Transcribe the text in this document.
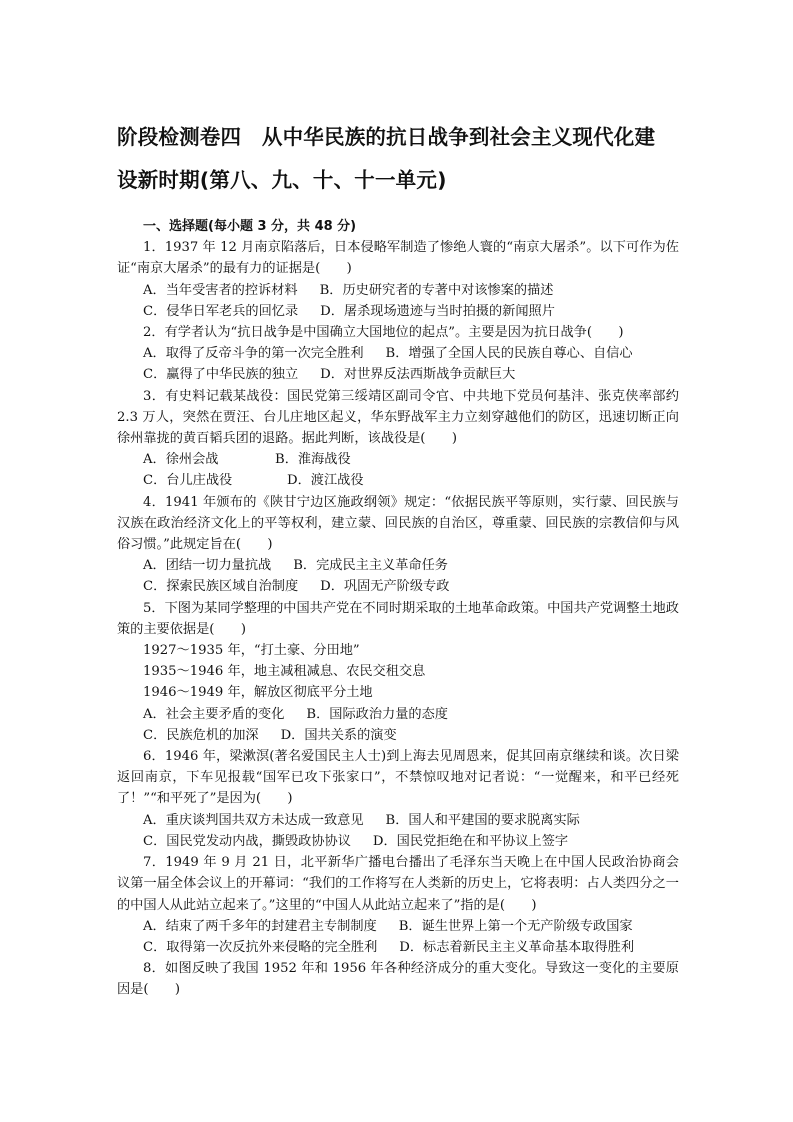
阶段检测卷四　从中华民族的抗日战争到社会主义现代化建
设新时期(第八、九、十、十一单元)

一、选择题(每小题 3 分，共 48 分)

1．1937 年 12 月南京陷落后，日本侵略军制造了惨绝人寰的“南京大屠杀”。以下可作为佐证“南京大屠杀”的最有力的证据是(　　)

A．当年受害者的控诉材料 B．历史研究者的专著中对该惨案的描述

C．侵华日军老兵的回忆录 D．屠杀现场遗迹与当时拍摄的新闻照片

2．有学者认为“抗日战争是中国确立大国地位的起点”。主要是因为抗日战争(　　)

A．取得了反帝斗争的第一次完全胜利 B．增强了全国人民的民族自尊心、自信心

C．赢得了中华民族的独立 D．对世界反法西斯战争贡献巨大

3．有史料记载某战役：国民党第三绥靖区副司令官、中共地下党员何基沣、张克侠率部约 2.3 万人，突然在贾汪、台儿庄地区起义，华东野战军主力立刻穿越他们的防区，迅速切断正向徐州靠拢的黄百韬兵团的退路。据此判断，该战役是(　　)

A．徐州会战	B．淮海战役

C．台儿庄战役	D．渡江战役

4．1941 年颁布的《陕甘宁边区施政纲领》规定：“依据民族平等原则，实行蒙、回民族与汉族在政治经济文化上的平等权利，建立蒙、回民族的自治区，尊重蒙、回民族的宗教信仰与风俗习惯。”此规定旨在(　　)

A．团结一切力量抗战 B．完成民主主义革命任务

C．探索民族区域自治制度 D．巩固无产阶级专政

5．下图为某同学整理的中国共产党在不同时期采取的土地革命政策。中国共产党调整土地政策的主要依据是(　　)

1927～1935 年，“打土豪、分田地”

1935～1946 年，地主减租减息、农民交租交息

1946～1949 年，解放区彻底平分土地

A．社会主要矛盾的变化 B．国际政治力量的态度

C．民族危机的加深 D．国共关系的演变

6．1946 年，梁漱溟(著名爱国民主人士)到上海去见周恩来，促其回南京继续和谈。次日梁返回南京，下车见报载“国军已攻下张家口”，不禁惊叹地对记者说：“一觉醒来，和平已经死了！”“和平死了”是因为(　　)

A．重庆谈判国共双方未达成一致意见 B．国人和平建国的要求脱离实际

C．国民党发动内战，撕毁政协协议 D．国民党拒绝在和平协议上签字

7．1949 年 9 月 21 日，北平新华广播电台播出了毛泽东当天晚上在中国人民政治协商会议第一届全体会议上的开幕词：“我们的工作将写在人类新的历史上，它将表明：占人类四分之一的中国人从此站立起来了。”这里的“中国人从此站立起来了”指的是(　　)

A．结束了两千多年的封建君主专制制度 B．诞生世界上第一个无产阶级专政国家

C．取得第一次反抗外来侵略的完全胜利 D．标志着新民主主义革命基本取得胜利

8．如图反映了我国 1952 年和 1956 年各种经济成分的重大变化。导致这一变化的主要原因是(　　)
